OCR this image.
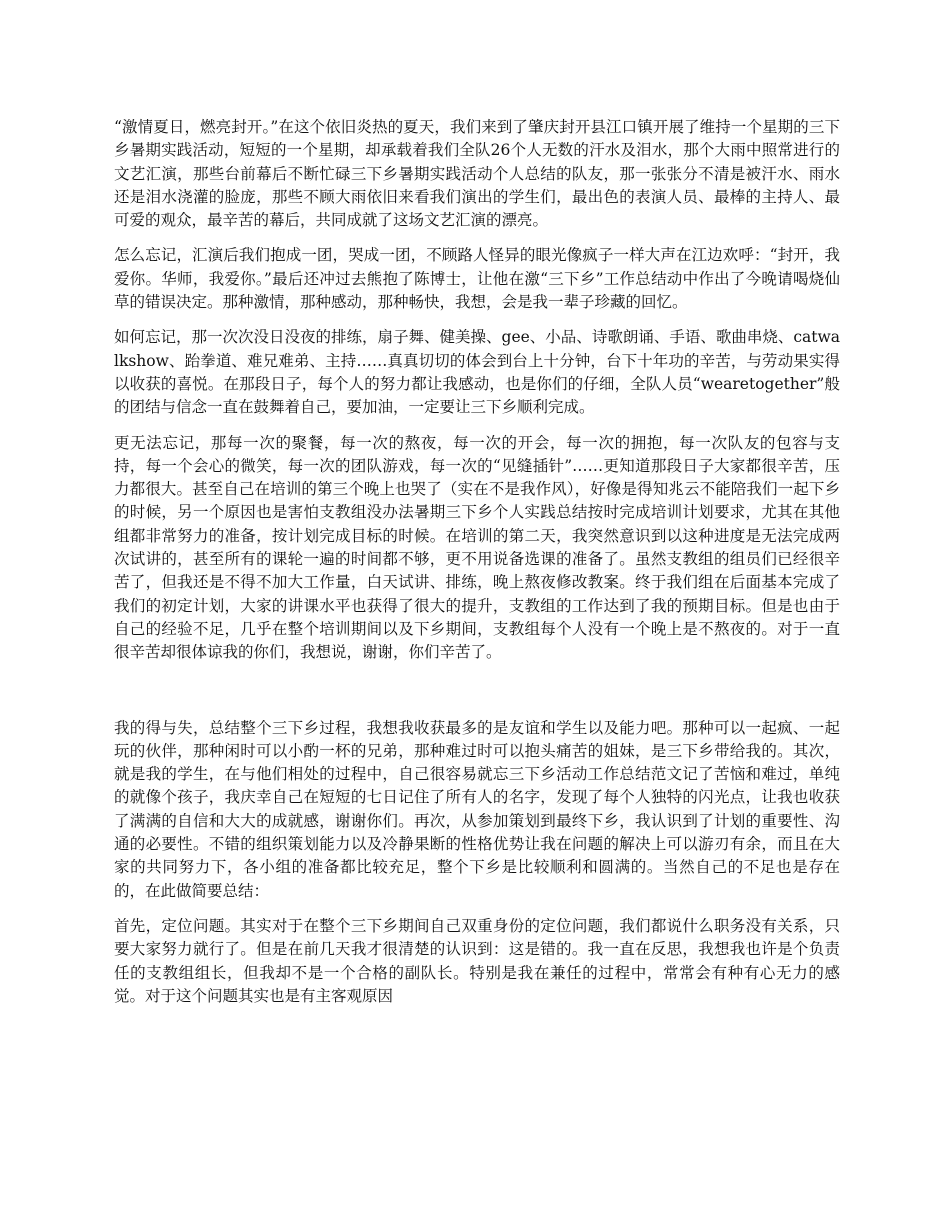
“激情夏日，燃亮封开。”在这个依旧炎热的夏天，我们来到了肇庆封开县江口镇开展了维持一个星期的三下乡暑期实践活动，短短的一个星期，却承载着我们全队26个人无数的汗水及泪水，那个大雨中照常进行的文艺汇演，那些台前幕后不断忙碌三下乡暑期实践活动个人总结的队友，那一张张分不清是被汗水、雨水还是泪水浇灌的脸庞，那些不顾大雨依旧来看我们演出的学生们，最出色的表演人员、最棒的主持人、最可爱的观众，最辛苦的幕后，共同成就了这场文艺汇演的漂亮。

怎么忘记，汇演后我们抱成一团，哭成一团，不顾路人怪异的眼光像疯子一样大声在江边欢呼：“封开，我爱你。华师，我爱你。”最后还冲过去熊抱了陈博士，让他在激“三下乡”工作总结动中作出了今晚请喝烧仙草的错误决定。那种激情，那种感动，那种畅快，我想，会是我一辈子珍藏的回忆。

如何忘记，那一次次没日没夜的排练，扇子舞、健美操、gee、小品、诗歌朗诵、手语、歌曲串烧、catwalkshow、跆拳道、难兄难弟、主持……真真切切的体会到台上十分钟，台下十年功的辛苦，与劳动果实得以收获的喜悦。在那段日子，每个人的努力都让我感动，也是你们的仔细，全队人员“wearetogether”般的团结与信念一直在鼓舞着自己，要加油，一定要让三下乡顺利完成。

更无法忘记，那每一次的聚餐，每一次的熬夜，每一次的开会，每一次的拥抱，每一次队友的包容与支持，每一个会心的微笑，每一次的团队游戏，每一次的“见缝插针”……更知道那段日子大家都很辛苦，压力都很大。甚至自己在培训的第三个晚上也哭了（实在不是我作风），好像是得知兆云不能陪我们一起下乡的时候，另一个原因也是害怕支教组没办法暑期三下乡个人实践总结按时完成培训计划要求，尤其在其他组都非常努力的准备，按计划完成目标的时候。在培训的第二天，我突然意识到以这种进度是无法完成两次试讲的，甚至所有的课轮一遍的时间都不够，更不用说备选课的准备了。虽然支教组的组员们已经很辛苦了，但我还是不得不加大工作量，白天试讲、排练，晚上熬夜修改教案。终于我们组在后面基本完成了我们的初定计划，大家的讲课水平也获得了很大的提升，支教组的工作达到了我的预期目标。但是也由于自己的经验不足，几乎在整个培训期间以及下乡期间，支教组每个人没有一个晚上是不熬夜的。对于一直很辛苦却很体谅我的你们，我想说，谢谢，你们辛苦了。

我的得与失，总结整个三下乡过程，我想我收获最多的是友谊和学生以及能力吧。那种可以一起疯、一起玩的伙伴，那种闲时可以小酌一杯的兄弟，那种难过时可以抱头痛苦的姐妹，是三下乡带给我的。其次，就是我的学生，在与他们相处的过程中，自己很容易就忘三下乡活动工作总结范文记了苦恼和难过，单纯的就像个孩子，我庆幸自己在短短的七日记住了所有人的名字，发现了每个人独特的闪光点，让我也收获了满满的自信和大大的成就感，谢谢你们。再次，从参加策划到最终下乡，我认识到了计划的重要性、沟通的必要性。不错的组织策划能力以及冷静果断的性格优势让我在问题的解决上可以游刃有余，而且在大家的共同努力下，各小组的准备都比较充足，整个下乡是比较顺利和圆满的。当然自己的不足也是存在的，在此做简要总结：

首先，定位问题。其实对于在整个三下乡期间自己双重身份的定位问题，我们都说什么职务没有关系，只要大家努力就行了。但是在前几天我才很清楚的认识到：这是错的。我一直在反思，我想我也许是个负责任的支教组组长，但我却不是一个合格的副队长。特别是我在兼任的过程中，常常会有种有心无力的感觉。对于这个问题其实也是有主客观原因
